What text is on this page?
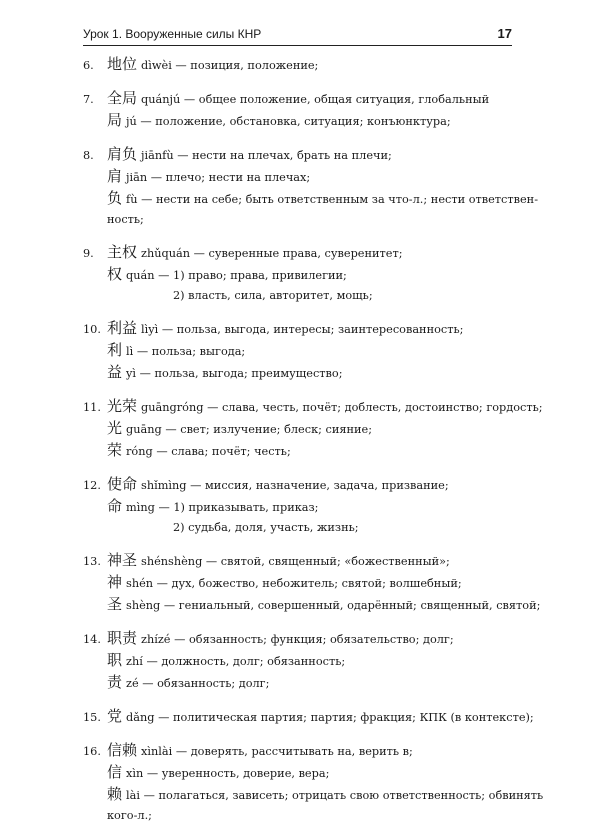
Урок 1. Вооруженные силы КНР	17
6. 地位 dìwèi — позиция, положение;
7. 全局 quánjú — общее положение, общая ситуация, глобальный
局 jú — положение, обстановка, ситуация; конъюнктура;
8. 肩负 jiānfù — нести на плечах, брать на плечи;
肩 jiān — плечо; нести на плечах;
负 fù — нести на себе; быть ответственным за что-л.; нести ответствен-
ность;
9. 主权 zhǔquán — суверенные права, суверенитет;
权 quán — 1) право; права, привилегии;
2) власть, сила, авторитет, мощь;
10. 利益 lìyì — польза, выгода, интересы; заинтересованность;
利 lì — польза; выгода;
益 yì — польза, выгода; преимущество;
11. 光荣 guāngróng — слава, честь, почёт; доблесть, достоинство; гордость;
光 guāng — свет; излучение; блеск; сияние;
荣 róng — слава; почёт; честь;
12. 使命 shǐmìng — миссия, назначение, задача, призвание;
命 mìng — 1) приказывать, приказ;
2) судьба, доля, участь, жизнь;
13. 神圣 shénshèng — святой, священный; «божественный»;
神 shén — дух, божество, небожитель; святой; волшебный;
圣 shèng — гениальный, совершенный, одарённый; священный, святой;
14. 职责 zhízé — обязанность; функция; обязательство; долг;
职 zhí — должность, долг; обязанность;
责 zé — обязанность; долг;
15. 党 dǎng — политическая партия; партия; фракция; КПК (в контексте);
16. 信赖 xìnlài — доверять, рассчитывать на, верить в;
信 xìn — уверенность, доверие, вера;
赖 lài — полагаться, зависеть; отрицать свою ответственность; обвинять
кого-л.;
